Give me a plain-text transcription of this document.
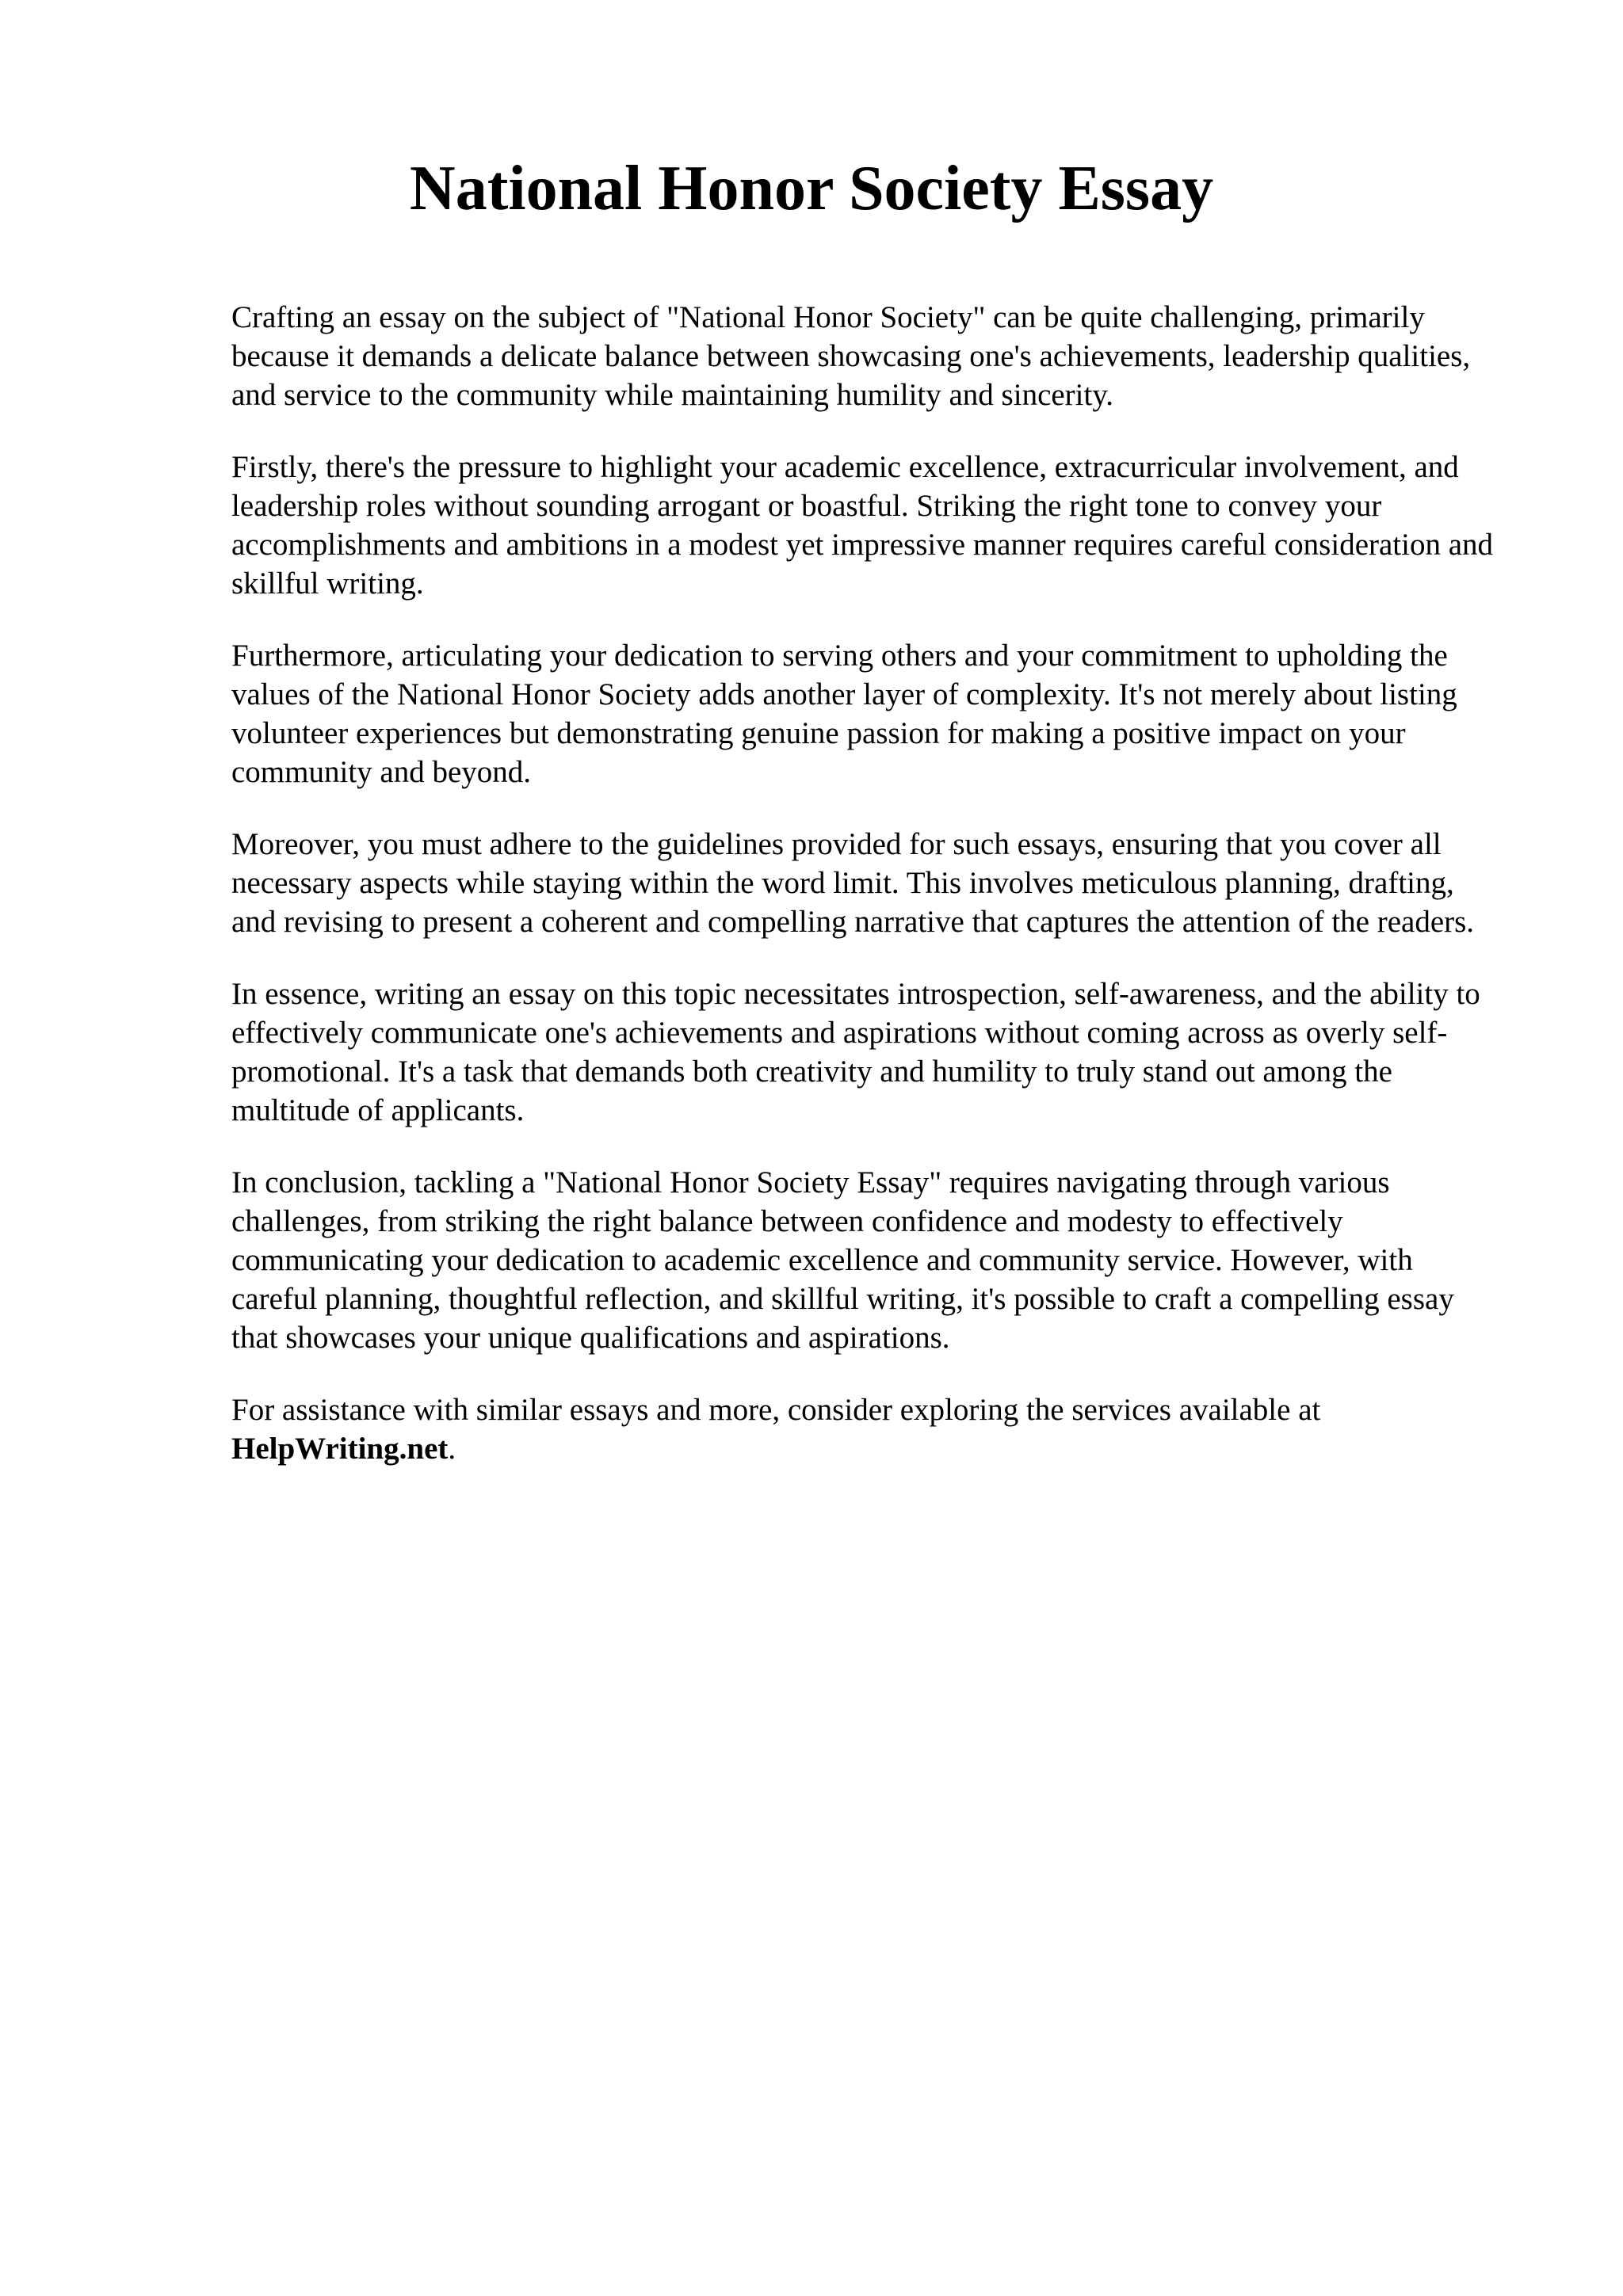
National Honor Society Essay

Crafting an essay on the subject of "National Honor Society" can be quite challenging, primarily because it demands a delicate balance between showcasing one's achievements, leadership qualities, and service to the community while maintaining humility and sincerity.

Firstly, there's the pressure to highlight your academic excellence, extracurricular involvement, and leadership roles without sounding arrogant or boastful. Striking the right tone to convey your accomplishments and ambitions in a modest yet impressive manner requires careful consideration and skillful writing.

Furthermore, articulating your dedication to serving others and your commitment to upholding the values of the National Honor Society adds another layer of complexity. It's not merely about listing volunteer experiences but demonstrating genuine passion for making a positive impact on your community and beyond.

Moreover, you must adhere to the guidelines provided for such essays, ensuring that you cover all necessary aspects while staying within the word limit. This involves meticulous planning, drafting, and revising to present a coherent and compelling narrative that captures the attention of the readers.

In essence, writing an essay on this topic necessitates introspection, self-awareness, and the ability to effectively communicate one's achievements and aspirations without coming across as overly self-promotional. It's a task that demands both creativity and humility to truly stand out among the multitude of applicants.

In conclusion, tackling a "National Honor Society Essay" requires navigating through various challenges, from striking the right balance between confidence and modesty to effectively communicating your dedication to academic excellence and community service. However, with careful planning, thoughtful reflection, and skillful writing, it's possible to craft a compelling essay that showcases your unique qualifications and aspirations.

For assistance with similar essays and more, consider exploring the services available at HelpWriting.net.
